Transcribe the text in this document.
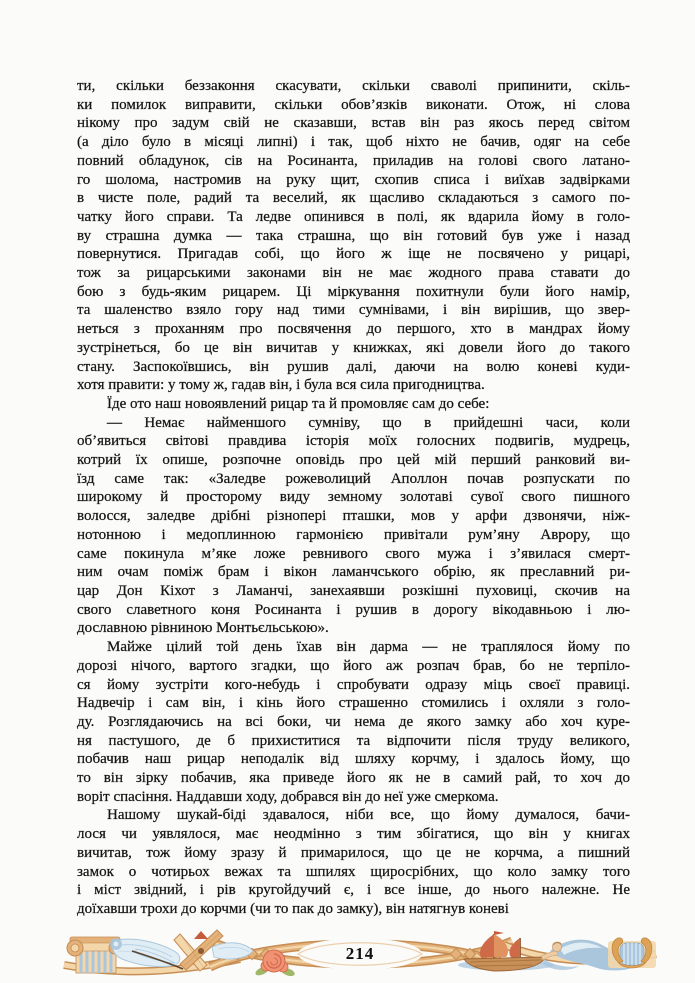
ти, скільки беззаконня скасувати, скільки сваволі припинити, скіль-
ки помилок виправити, скільки обов’язків виконати. Отож, ні слова
нікому про задум свій не сказавши, встав він раз якось перед світом
(а діло було в місяці липні) і так, щоб ніхто не бачив, одяг на себе
повний обладунок, сів на Росинанта, приладив на голові свого латано-
го шолома, настромив на руку щит, схопив списа і виїхав задвірками
в чисте поле, радий та веселий, як щасливо складаються з самого по-
чатку його справи. Та ледве опинився в полі, як вдарила йому в голо-
ву страшна думка — така страшна, що він готовий був уже і назад
повернутися. Пригадав собі, що його ж іще не посвячено у рицарі,
тож за рицарськими законами він не має жодного права ставати до
бою з будь-яким рицарем. Ці міркування похитнули були його намір,
та шаленство взяло гору над тими сумнівами, і він вирішив, що звер-
неться з проханням про посвячення до першого, хто в мандрах йому
зустрінеться, бо це він вичитав у книжках, які довели його до такого
стану. Заспокоївшись, він рушив далі, даючи на волю коневі куди-
хотя правити: у тому ж, гадав він, і була вся сила пригодництва.
Їде ото наш новоявлений рицар та й промовляє сам до себе:
— Немає найменшого сумніву, що в прийдешні часи, коли
об’явиться світові правдива історія моїх голосних подвигів, мудрець,
котрий їх опише, розпочне оповідь про цей мій перший ранковий ви-
їзд саме так: «Заледве рожеволиций Аполлон почав розпускати по
широкому й просторому виду земному золотаві сувої свого пишного
волосся, заледве дрібні різнопері пташки, мов у арфи дзвонячи, ніж-
нотонною і медоплинною гармонією привітали рум’яну Аврору, що
саме покинула м’яке ложе ревнивого свого мужа і з’явилася смерт-
ним очам поміж брам і вікон ламанчського обрію, як преславний ри-
цар Дон Кіхот з Ламанчі, занехаявши розкішні пуховиці, скочив на
свого славетного коня Росинанта і рушив в дорогу вікодавньою і лю-
дославною рівниною Монтьєльською».
Майже цілий той день їхав він дарма — не траплялося йому по
дорозі нічого, вартого згадки, що його аж розпач брав, бо не терпіло-
ся йому зустріти кого-небудь і спробувати одразу міць своєї правиці.
Надвечір і сам він, і кінь його страшенно стомились і охляли з голо-
ду. Розглядаючись на всі боки, чи нема де якого замку або хоч куре-
ня пастушого, де б прихиститися та відпочити після труду великого,
побачив наш рицар неподалік від шляху корчму, і здалось йому, що
то він зірку побачив, яка приведе його як не в самий рай, то хоч до
воріт спасіння. Наддавши ходу, добрався він до неї уже смеркома.
Нашому шукай-біді здавалося, ніби все, що йому думалося, бачи-
лося чи уявлялося, має неодмінно з тим збігатися, що він у книгах
вичитав, тож йому зразу й примарилося, що це не корчма, а пишний
замок о чотирьох вежах та шпилях щиросрібних, що коло замку того
і міст звідний, і рів кругойдучий є, і все інше, до нього належне. Не
доїхавши трохи до корчми (чи то пак до замку), він натягнув коневі
214
